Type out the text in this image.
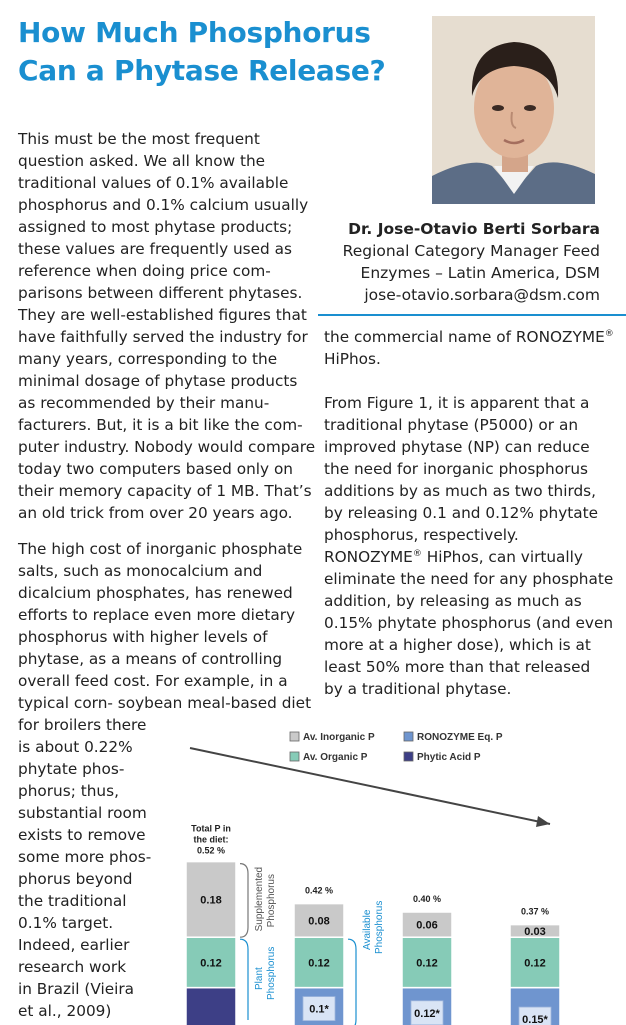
How Much Phosphorus
Can a Phytase Release?
Dr. Jose-Otavio Berti Sorbara
Regional Category Manager Feed
Enzymes – Latin America, DSM
jose-otavio.sorbara@dsm.com
This must be the most frequent
question asked. We all know the
traditional values of 0.1% available
phosphorus and 0.1% calcium usually
assigned to most phytase products;
these values are frequently used as
reference when doing price com-
parisons between different phytases.
They are well-established figures that
have faithfully served the industry for
many years, corresponding to the
minimal dosage of phytase products
as recommended by their manu-
facturers. But, it is a bit like the com-
puter industry. Nobody would compare
today two computers based only on
their memory capacity of 1 MB. That’s
an old trick from over 20 years ago.
The high cost of inorganic phosphate
salts, such as monocalcium and
dicalcium phosphates, has renewed
efforts to replace even more dietary
phosphorus with higher levels of
phytase, as a means of controlling
overall feed cost. For example, in a
typical corn- soybean meal-based diet
for broilers there
is about 0.22%
phytate phos-
phorus; thus,
substantial room
exists to remove
some more phos-
phorus beyond
the traditional
0.1% target.
Indeed, earlier
research work
in Brazil (Vieira
et al., 2009)
the commercial name of RONOZYME®
HiPhos.
From Figure 1, it is apparent that a
traditional phytase (P5000) or an
improved phytase (NP) can reduce
the need for inorganic phosphorus
additions by as much as two thirds,
by releasing 0.1 and 0.12% phytate
phosphorus, respectively.
RONOZYME® HiPhos, can virtually
eliminate the need for any phosphate
addition, by releasing as much as
0.15% phytate phosphorus (and even
more at a higher dose), which is at
least 50% more than that released
by a traditional phytase.
Av. Inorganic P	RONOZYME Eq. P
Av. Organic P	Phytic Acid P
0.12
0.18
Total P in
the diet:
0.52 %
0.1*
0.12
0.08
0.42 %
0.12*
0.12
0.06
0.40 %
0.15*
0.12
0.03
0.37 %
Supplemented Phosphorus
Plant Phosphorus
Available Phosphorus
